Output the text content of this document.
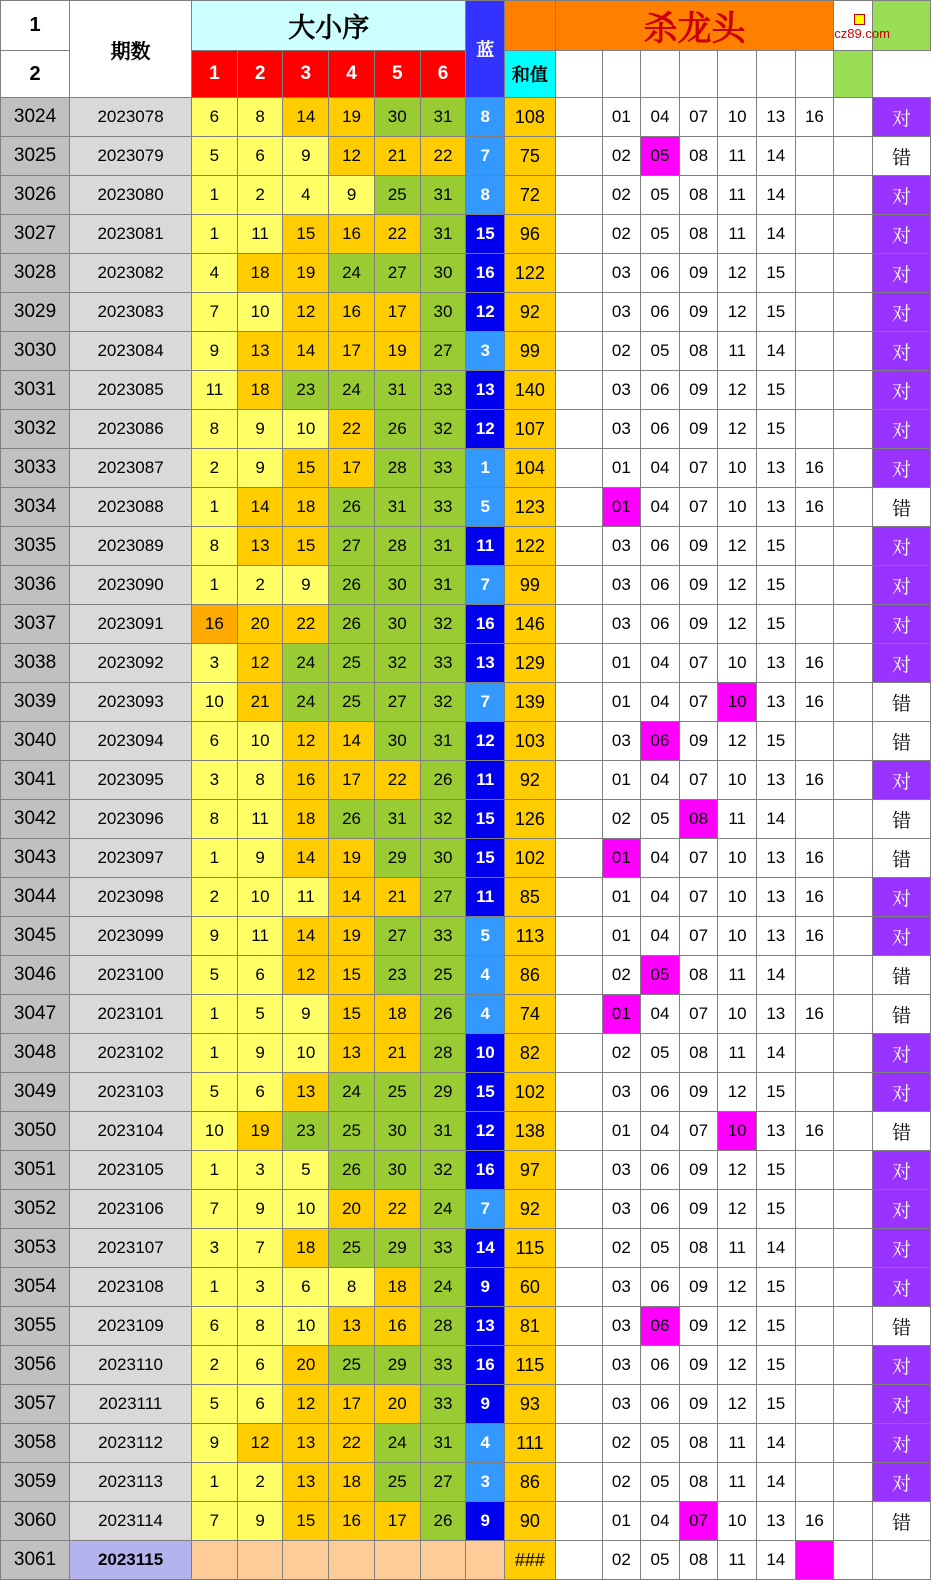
1	期数	大小序						蓝		杀龙头							cz89.com	
2		1	2	3	4	5	6		和值									
3024	2023078	6	8	14	19	30	31	8	108		01	04	07	10	13	16		对
3025	2023079	5	6	9	12	21	22	7	75		02	05	08	11	14			错
3026	2023080	1	2	4	9	25	31	8	72		02	05	08	11	14			对
3027	2023081	1	11	15	16	22	31	15	96		02	05	08	11	14			对
3028	2023082	4	18	19	24	27	30	16	122		03	06	09	12	15			对
3029	2023083	7	10	12	16	17	30	12	92		03	06	09	12	15			对
3030	2023084	9	13	14	17	19	27	3	99		02	05	08	11	14			对
3031	2023085	11	18	23	24	31	33	13	140		03	06	09	12	15			对
3032	2023086	8	9	10	22	26	32	12	107		03	06	09	12	15			对
3033	2023087	2	9	15	17	28	33	1	104		01	04	07	10	13	16		对
3034	2023088	1	14	18	26	31	33	5	123		01	04	07	10	13	16		错
3035	2023089	8	13	15	27	28	31	11	122		03	06	09	12	15			对
3036	2023090	1	2	9	26	30	31	7	99		03	06	09	12	15			对
3037	2023091	16	20	22	26	30	32	16	146		03	06	09	12	15			对
3038	2023092	3	12	24	25	32	33	13	129		01	04	07	10	13	16		对
3039	2023093	10	21	24	25	27	32	7	139		01	04	07	10	13	16		错
3040	2023094	6	10	12	14	30	31	12	103		03	06	09	12	15			错
3041	2023095	3	8	16	17	22	26	11	92		01	04	07	10	13	16		对
3042	2023096	8	11	18	26	31	32	15	126		02	05	08	11	14			错
3043	2023097	1	9	14	19	29	30	15	102		01	04	07	10	13	16		错
3044	2023098	2	10	11	14	21	27	11	85		01	04	07	10	13	16		对
3045	2023099	9	11	14	19	27	33	5	113		01	04	07	10	13	16		对
3046	2023100	5	6	12	15	23	25	4	86		02	05	08	11	14			错
3047	2023101	1	5	9	15	18	26	4	74		01	04	07	10	13	16		错
3048	2023102	1	9	10	13	21	28	10	82		02	05	08	11	14			对
3049	2023103	5	6	13	24	25	29	15	102		03	06	09	12	15			对
3050	2023104	10	19	23	25	30	31	12	138		01	04	07	10	13	16		错
3051	2023105	1	3	5	26	30	32	16	97		03	06	09	12	15			对
3052	2023106	7	9	10	20	22	24	7	92		03	06	09	12	15			对
3053	2023107	3	7	18	25	29	33	14	115		02	05	08	11	14			对
3054	2023108	1	3	6	8	18	24	9	60		03	06	09	12	15			对
3055	2023109	6	8	10	13	16	28	13	81		03	06	09	12	15			错
3056	2023110	2	6	20	25	29	33	16	115		03	06	09	12	15			对
3057	2023111	5	6	12	17	20	33	9	93		03	06	09	12	15			对
3058	2023112	9	12	13	22	24	31	4	111		02	05	08	11	14			对
3059	2023113	1	2	13	18	25	27	3	86		02	05	08	11	14			对
3060	2023114	7	9	15	16	17	26	9	90		01	04	07	10	13	16		错
3061	2023115								###		02	05	08	11	14			
